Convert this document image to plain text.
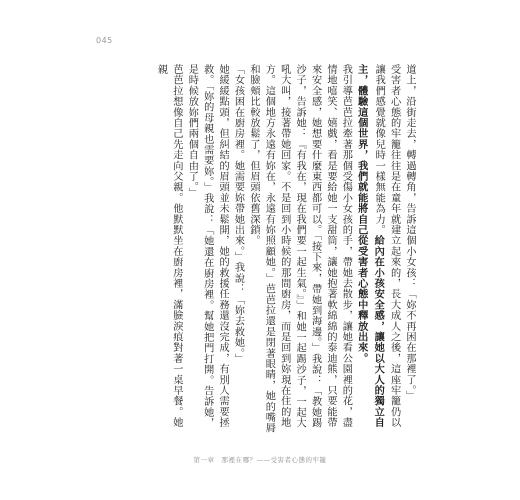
045

道上，沿街走去，轉過轉角，告訴這個小女孩：「妳不再困在那裡了。」

受害者心態的牢籠往往是在童年就建立起來的，長大成人之後，這座牢籠仍以讓我們感覺就像兒時一樣無能為力。給內在小孩安全感，讓她以大人的獨立自主，體驗這個世界，我們就能將自己從受害者心態中釋放出來。

我引導芭芭拉牽著那個受傷小女孩的手，帶她去散步，讓她看公園裡的花，盡情地嘻笑、嬉戲，看是要給她一支甜筒，讓她抱著軟綿綿的泰迪熊，只要能帶來安全感，她想要什麼東西都可以。「接下來，帶她到海邊。」我說：「教她踢沙子，告訴她：『有我在，現在我們要一起生氣。』」和她一起踢沙子，一起大吼大叫，接著帶她回家。不是回到小時候的那間廚房，而是回到妳現在住的地方。這個地方永遠有妳在，永遠有妳照顧她。」芭芭拉還是閉著眼睛，她的嘴脣和臉頰比較放鬆了，但眉頭依舊深鎖。

「女孩困在廚房裡。她需要妳帶她出來。」我說：「妳去救她。」

她緩緩點頭，但糾結的眉頭並未鬆開，她的救援任務還沒完成，有別人需要拯救。「妳的母親也需要妳。」我說：「她還在廚房裡。幫她把門打開。告訴她，是時候放妳們兩個自由了。」

芭芭拉想像自己先走向父親。他默默坐在廚房裡，滿臉淚痕對著一桌早餐。她親

第一章　那裡在哪？——受害者心態的牢籠
